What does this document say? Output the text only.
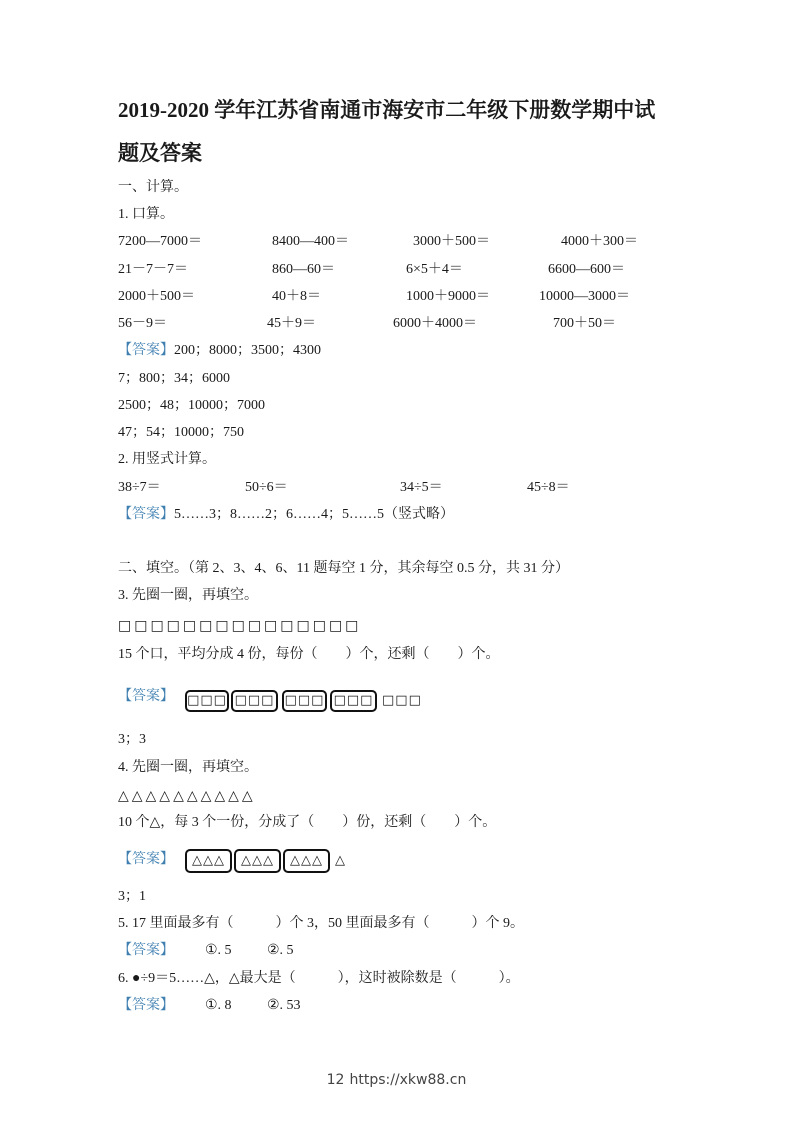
2019-2020 学年江苏省南通市海安市二年级下册数学期中试
题及答案
一、计算。
1. 口算。
7200—7000＝	8400—400＝	3000＋500＝	4000＋300＝
21－7－7＝	860—60＝	6×5＋4＝	6600—600＝
2000＋500＝	40＋8＝	1000＋9000＝	10000—3000＝
56－9＝	45＋9＝	6000＋4000＝	700＋50＝
【答案】200；8000；3500；4300
7；800；34；6000
2500；48；10000；7000
47；54；10000；750
2. 用竖式计算。
38÷7＝	50÷6＝	34÷5＝	45÷8＝
【答案】5……3；8……2；6……4；5……5（竖式略）
二、填空。（第 2、3、4、6、11 题每空 1 分，其余每空 0.5 分，共 31 分）
3. 先圈一圈，再填空。
□□□□□□□□□□□□□□□
15 个口，平均分成 4 份，每份（　　）个，还剩（　　）个。
【答案】 □□□ □□□ □□□ □□□ □□□
3；3
4. 先圈一圈，再填空。
△△△△△△△△△△
10 个△，每 3 个一份，分成了（　　）份，还剩（　　）个。
【答案】	△△△	△△△	△△△ △
3；1
5. 17 里面最多有（　　　）个 3，50 里面最多有（　　　）个 9。
【答案】 ①. 5	②. 5
6. ●÷9＝5……△，△最大是（　　　），这时被除数是（　　　）。
【答案】 ①. 8	②. 53
12 https://xkw88.cn
